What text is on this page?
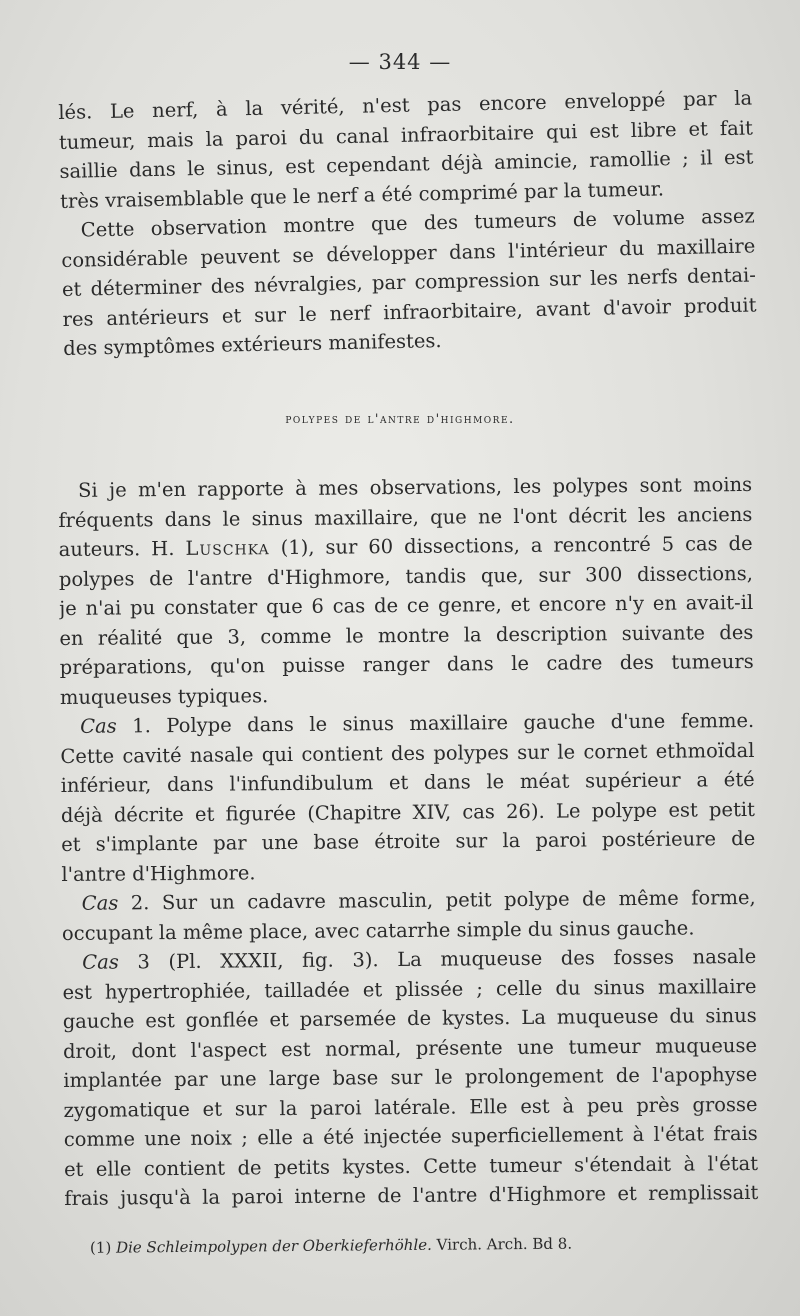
— 344 —
lés. Le nerf, à la vérité, n'est pas encore enveloppé par la
tumeur, mais la paroi du canal infraorbitaire qui est libre et fait
saillie dans le sinus, est cependant déjà amincie, ramollie ; il est
très vraisemblable que le nerf a été comprimé par la tumeur.
Cette observation montre que des tumeurs de volume assez
considérable peuvent se développer dans l'intérieur du maxillaire
et déterminer des névralgies, par compression sur les nerfs dentai-
res antérieurs et sur le nerf infraorbitaire, avant d'avoir produit
des symptômes extérieurs manifestes.
polypes de l'antre d'highmore.
Si je m'en rapporte à mes observations, les polypes sont moins
fréquents dans le sinus maxillaire, que ne l'ont décrit les anciens
auteurs. H. Luschka (1), sur 60 dissections, a rencontré 5 cas de
polypes de l'antre d'Highmore, tandis que, sur 300 dissections,
je n'ai pu constater que 6 cas de ce genre, et encore n'y en avait-il
en réalité que 3, comme le montre la description suivante des
préparations, qu'on puisse ranger dans le cadre des tumeurs
muqueuses typiques.
Cas 1. Polype dans le sinus maxillaire gauche d'une femme.
Cette cavité nasale qui contient des polypes sur le cornet ethmoïdal
inférieur, dans l'infundibulum et dans le méat supérieur a été
déjà décrite et figurée (Chapitre XIV, cas 26). Le polype est petit
et s'implante par une base étroite sur la paroi postérieure de
l'antre d'Highmore.
Cas 2. Sur un cadavre masculin, petit polype de même forme,
occupant la même place, avec catarrhe simple du sinus gauche.
Cas 3 (Pl. XXXII, fig. 3). La muqueuse des fosses nasale
est hypertrophiée, tailladée et plissée ; celle du sinus maxillaire
gauche est gonflée et parsemée de kystes. La muqueuse du sinus
droit, dont l'aspect est normal, présente une tumeur muqueuse
implantée par une large base sur le prolongement de l'apophyse
zygomatique et sur la paroi latérale. Elle est à peu près grosse
comme une noix ; elle a été injectée superficiellement à l'état frais
et elle contient de petits kystes. Cette tumeur s'étendait à l'état
frais jusqu'à la paroi interne de l'antre d'Highmore et remplissait
(1) Die Schleimpolypen der Oberkieferhöhle. Virch. Arch. Bd 8.
